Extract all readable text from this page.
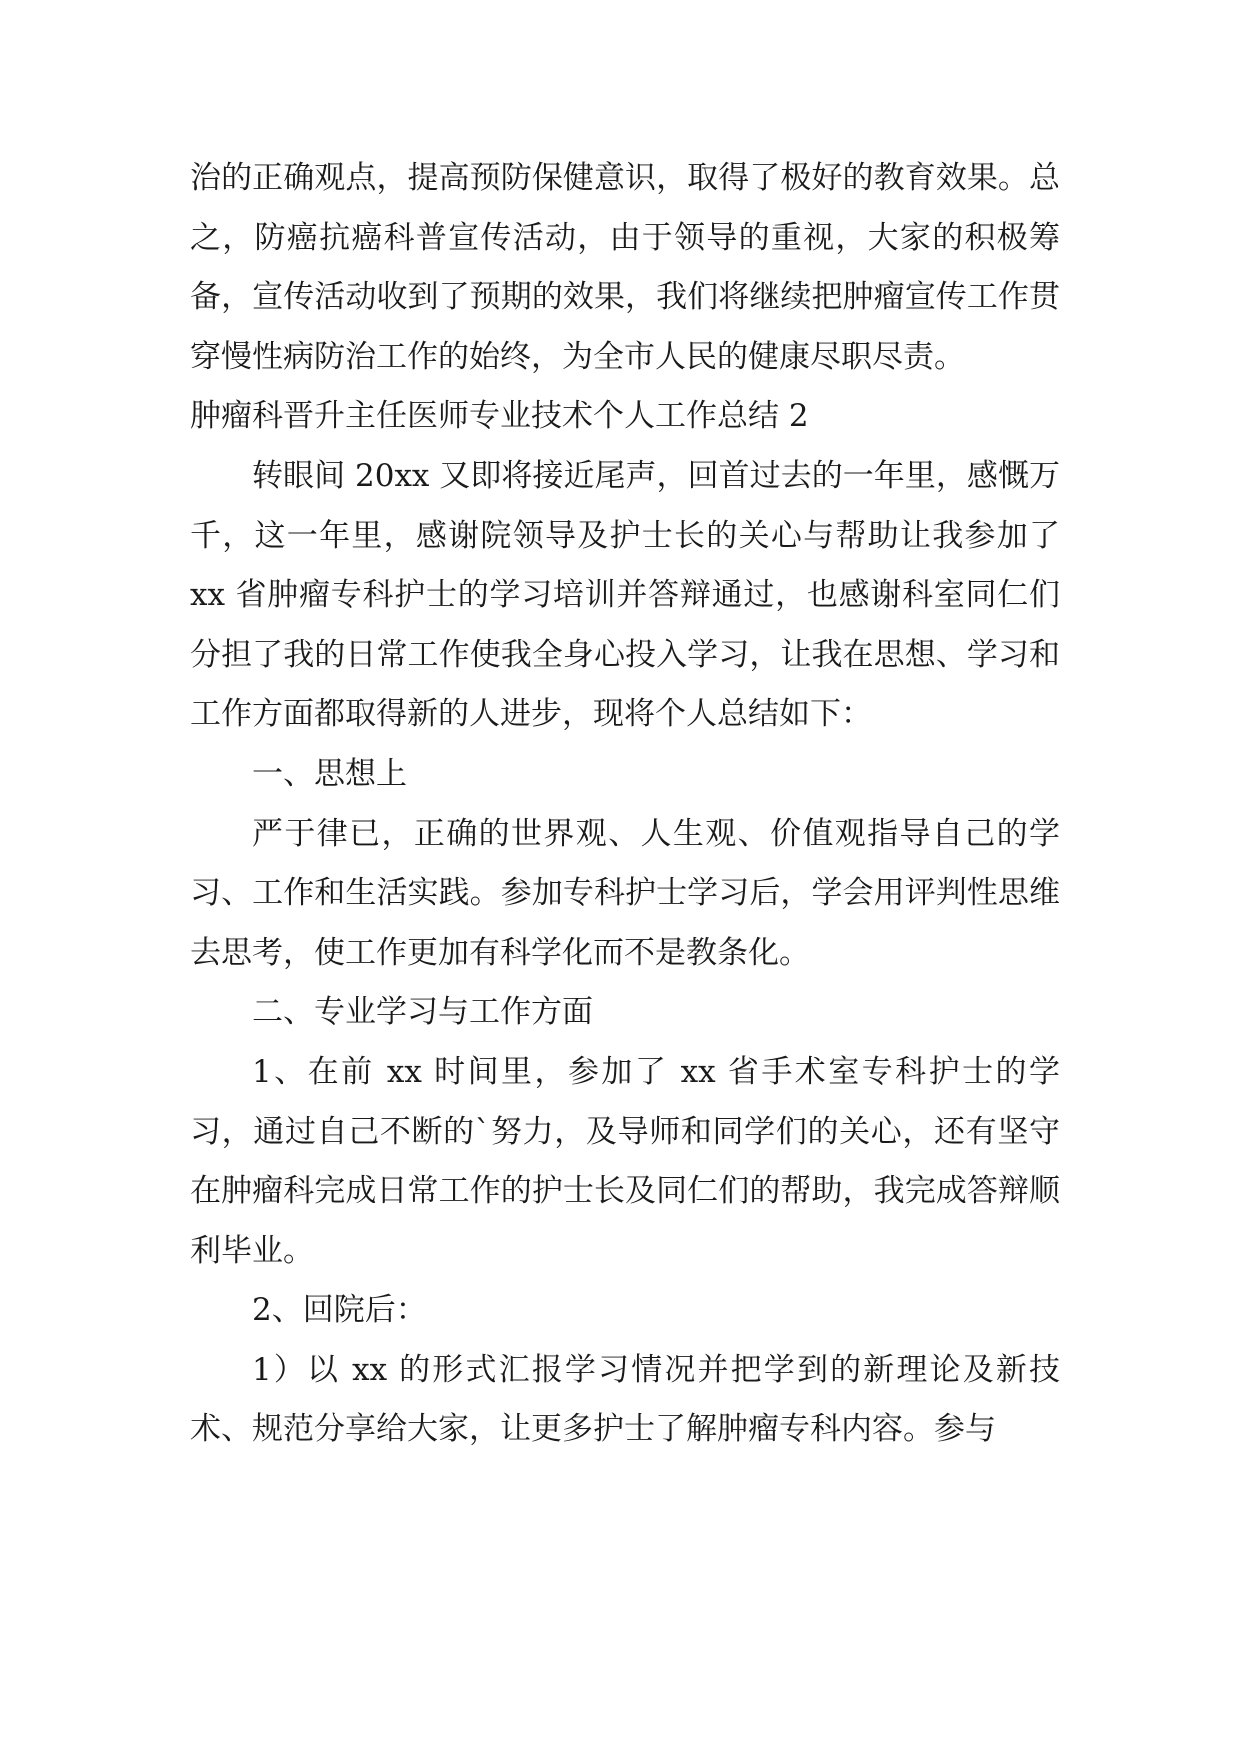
治的正确观点，提高预防保健意识，取得了极好的教育效果。总之，防癌抗癌科普宣传活动，由于领导的重视，大家的积极筹备，宣传活动收到了预期的效果，我们将继续把肿瘤宣传工作贯穿慢性病防治工作的始终，为全市人民的健康尽职尽责。

肿瘤科晋升主任医师专业技术个人工作总结 2

转眼间 20xx 又即将接近尾声，回首过去的一年里，感慨万千，这一年里，感谢院领导及护士长的关心与帮助让我参加了 xx 省肿瘤专科护士的学习培训并答辩通过，也感谢科室同仁们分担了我的日常工作使我全身心投入学习，让我在思想、学习和工作方面都取得新的人进步，现将个人总结如下：

一、思想上

严于律已，正确的世界观、人生观、价值观指导自己的学习、工作和生活实践。参加专科护士学习后，学会用评判性思维去思考，使工作更加有科学化而不是教条化。

二、专业学习与工作方面

1、在前 xx 时间里，参加了 xx 省手术室专科护士的学习，通过自己不断的`努力，及导师和同学们的关心，还有坚守在肿瘤科完成日常工作的护士长及同仁们的帮助，我完成答辩顺利毕业。

2、回院后：

1）以 xx 的形式汇报学习情况并把学到的新理论及新技术、规范分享给大家，让更多护士了解肿瘤专科内容。参与
